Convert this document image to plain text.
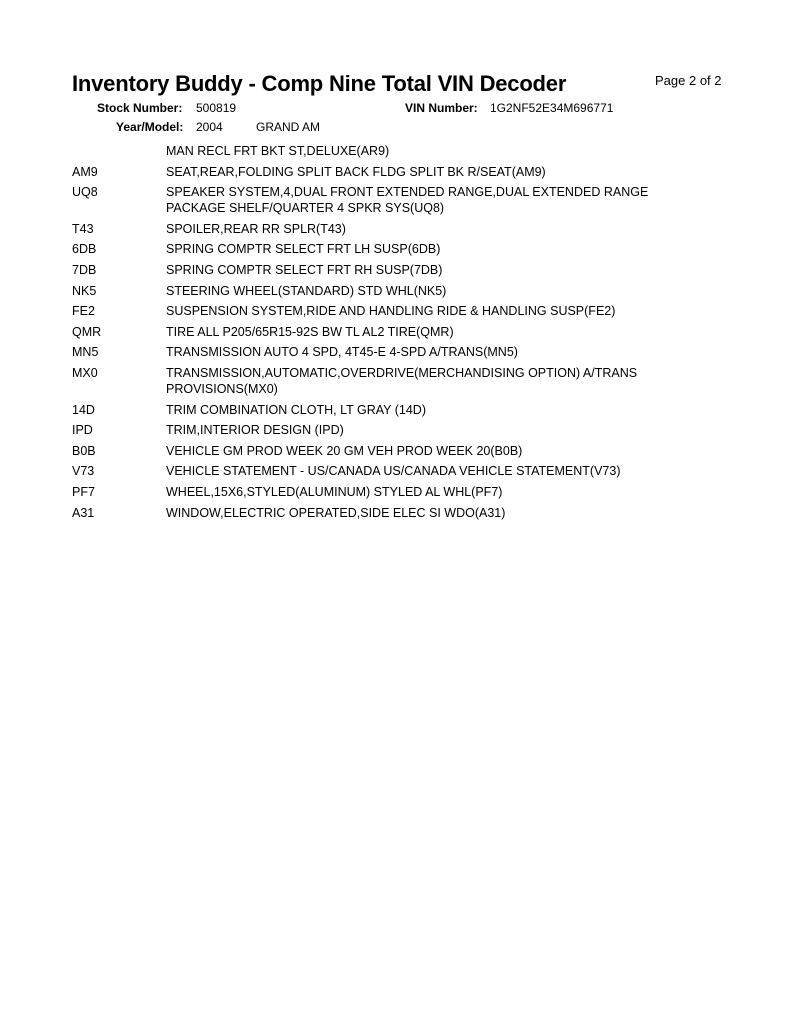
Inventory Buddy - Comp Nine Total VIN Decoder	Page 2 of 2
Stock Number: 500819	VIN Number: 1G2NF52E34M696771
Year/Model: 2004	GRAND AM
MAN RECL FRT BKT ST,DELUXE(AR9)
AM9	SEAT,REAR,FOLDING SPLIT BACK FLDG SPLIT BK R/SEAT(AM9)
UQ8	SPEAKER SYSTEM,4,DUAL FRONT EXTENDED RANGE,DUAL EXTENDED RANGE PACKAGE SHELF/QUARTER 4 SPKR SYS(UQ8)
T43	SPOILER,REAR RR SPLR(T43)
6DB	SPRING COMPTR SELECT FRT LH SUSP(6DB)
7DB	SPRING COMPTR SELECT FRT RH SUSP(7DB)
NK5	STEERING WHEEL(STANDARD) STD WHL(NK5)
FE2	SUSPENSION SYSTEM,RIDE AND HANDLING RIDE & HANDLING SUSP(FE2)
QMR	TIRE ALL P205/65R15-92S BW TL AL2 TIRE(QMR)
MN5	TRANSMISSION AUTO 4 SPD, 4T45-E 4-SPD A/TRANS(MN5)
MX0	TRANSMISSION,AUTOMATIC,OVERDRIVE(MERCHANDISING OPTION) A/TRANS PROVISIONS(MX0)
14D	TRIM COMBINATION CLOTH, LT GRAY (14D)
IPD	TRIM,INTERIOR DESIGN (IPD)
B0B	VEHICLE GM PROD WEEK 20 GM VEH PROD WEEK 20(B0B)
V73	VEHICLE STATEMENT - US/CANADA US/CANADA VEHICLE STATEMENT(V73)
PF7	WHEEL,15X6,STYLED(ALUMINUM) STYLED AL WHL(PF7)
A31	WINDOW,ELECTRIC OPERATED,SIDE ELEC SI WDO(A31)
